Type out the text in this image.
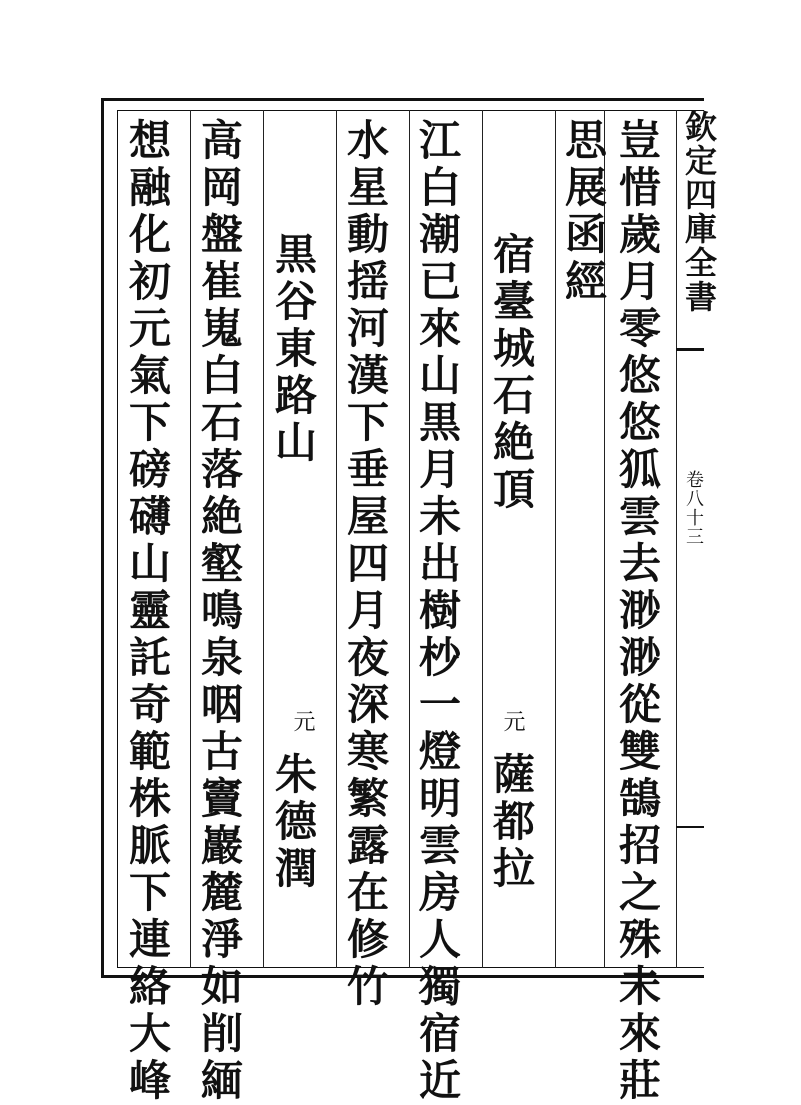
欽定四庫全書
卷八十三
豈惜歲月零悠悠狐雲去渺渺從雙鵠招之殊未來莊
思展函經
宿臺城石絶頂
元
薩都拉
江白潮已來山黒月未出樹杪一燈明雲房人獨宿近
水星動揺河漢下垂屋四月夜深寒繁露在修竹
黒谷東路山
元
朱德潤
高岡盤崔嵬白石落絶壑鳴泉咽古竇巖麓淨如削緬
想融化初元氣下磅礴山靈託奇範株脈下連絡大峰
